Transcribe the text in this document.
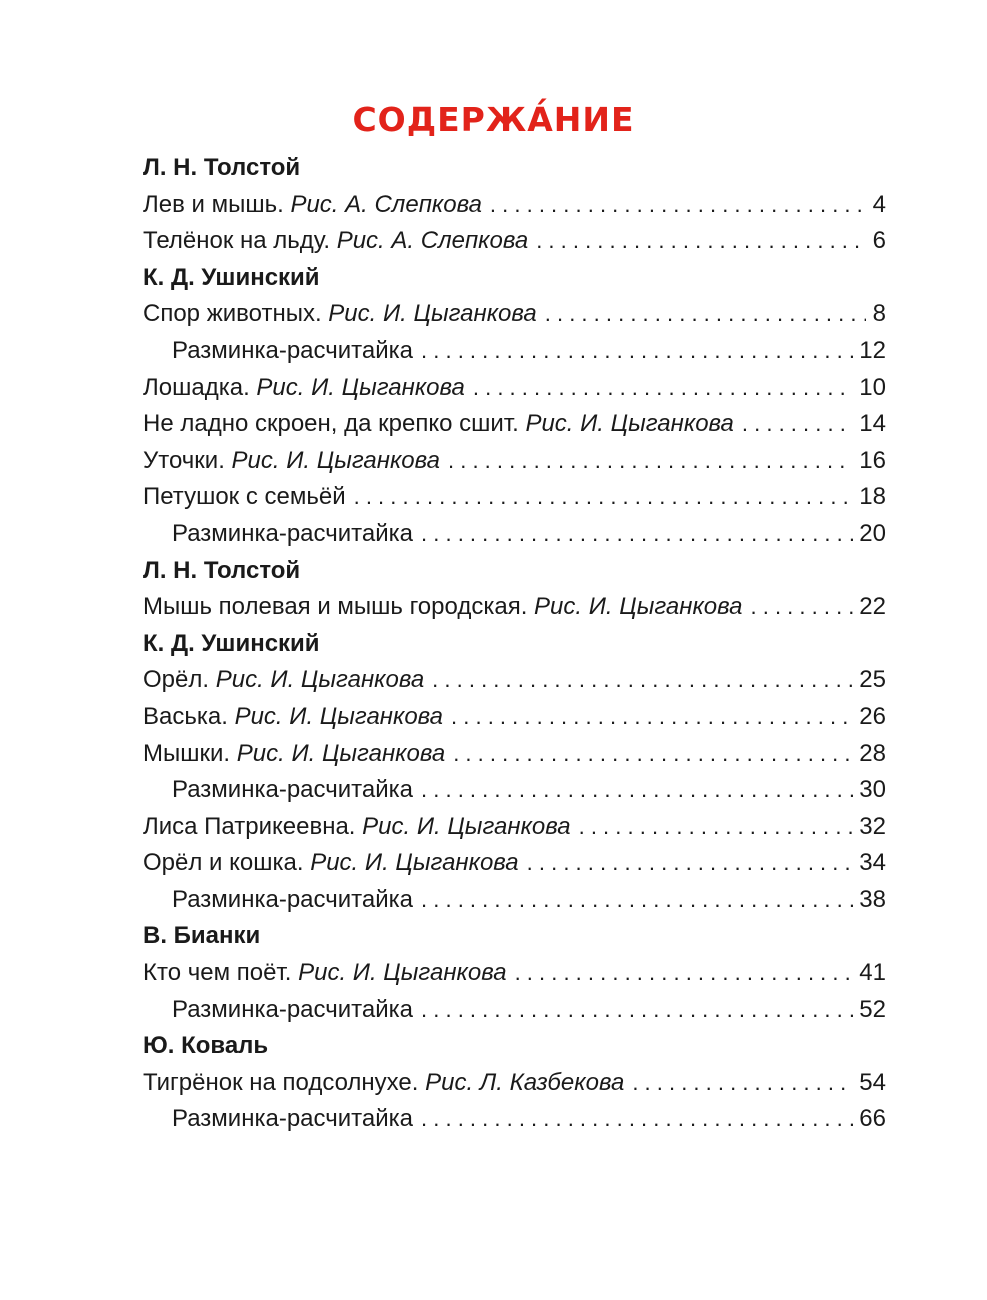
СОДЕРЖА́НИЕ
Л. Н. Толстой
Лев и мышь. Рис. А. Слепкова . . .	4
Телёнок на льду. Рис. А. Слепкова . . .	6
К. Д. Ушинский
Спор животных. Рис. И. Цыганкова . . .	8
Разминка-расчитайка . . .	12
Лошадка. Рис. И. Цыганкова . . .	10
Не ладно скроен, да крепко сшит. Рис. И. Цыганкова . . .	14
Уточки. Рис. И. Цыганкова . . .	16
Петушок с семьёй . . .	18
Разминка-расчитайка . . .	20
Л. Н. Толстой
Мышь полевая и мышь городская. Рис. И. Цыганкова . . .	22
К. Д. Ушинский
Орёл. Рис. И. Цыганкова . . .	25
Васька. Рис. И. Цыганкова . . .	26
Мышки. Рис. И. Цыганкова . . .	28
Разминка-расчитайка . . .	30
Лиса Патрикеевна. Рис. И. Цыганкова . . .	32
Орёл и кошка. Рис. И. Цыганкова . . .	34
Разминка-расчитайка . . .	38
В. Бианки
Кто чем поёт. Рис. И. Цыганкова . . .	41
Разминка-расчитайка . . .	52
Ю. Коваль
Тигрёнок на подсолнухе. Рис. Л. Казбекова . . .	54
Разминка-расчитайка . . .	66
